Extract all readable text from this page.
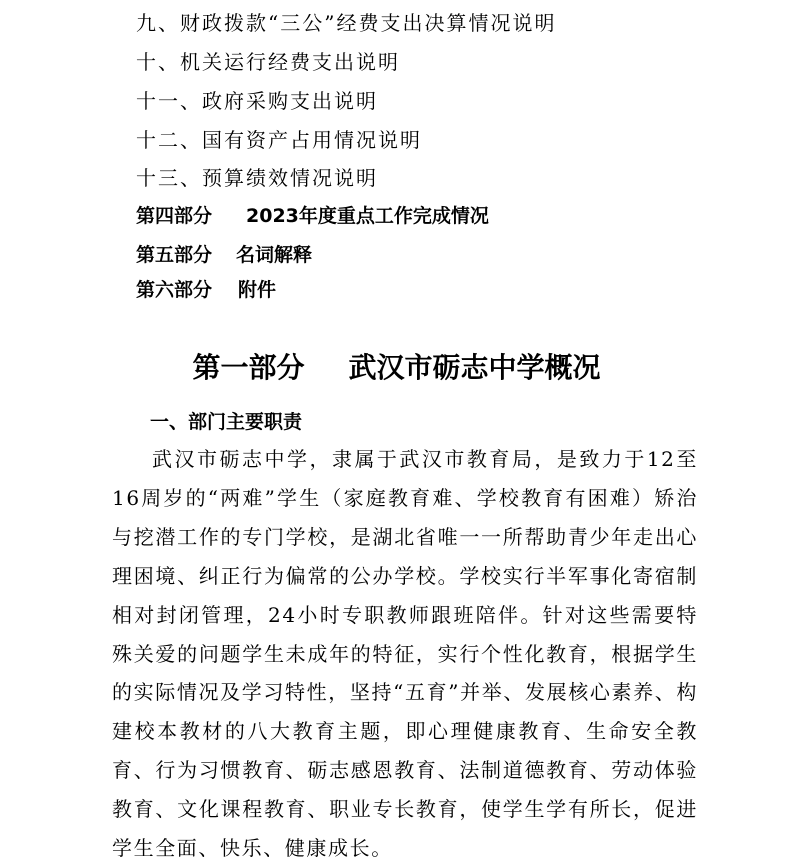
九、财政拨款“三公”经费支出决算情况说明
十、机关运行经费支出说明
十一、政府采购支出说明
十二、国有资产占用情况说明
十三、预算绩效情况说明
第四部分 2023年度重点工作完成情况
第五部分 名词解释
第六部分 附件
第一部分 武汉市砺志中学概况
一、部门主要职责

武汉市砺志中学，隶属于武汉市教育局，是致力于12至16周岁的“两难”学生（家庭教育难、学校教育有困难）矫治与挖潜工作的专门学校，是湖北省唯一一所帮助青少年走出心理困境、纠正行为偏常的公办学校。学校实行半军事化寄宿制相对封闭管理，24小时专职教师跟班陪伴。针对这些需要特殊关爱的问题学生未成年的特征，实行个性化教育，根据学生的实际情况及学习特性，坚持“五育”并举、发展核心素养、构建校本教材的八大教育主题，即心理健康教育、生命安全教育、行为习惯教育、砺志感恩教育、法制道德教育、劳动体验教育、文化课程教育、职业专长教育，使学生学有所长，促进学生全面、快乐、健康成长。
